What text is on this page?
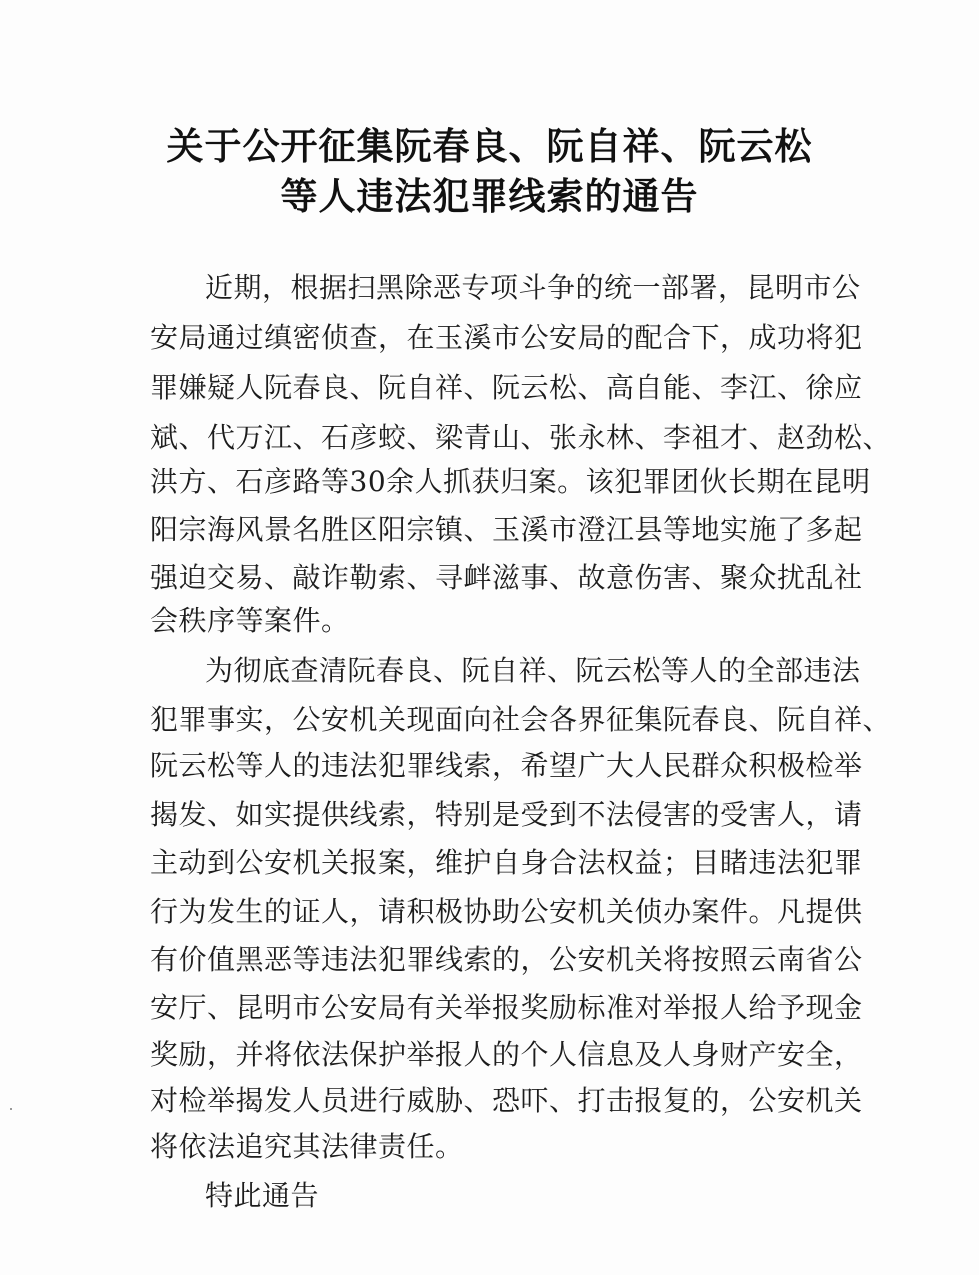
关于公开征集阮春良、阮自祥、阮云松
等人违法犯罪线索的通告
近期，根据扫黑除恶专项斗争的统一部署，昆明市公
安局通过缜密侦查，在玉溪市公安局的配合下，成功将犯
罪嫌疑人阮春良、阮自祥、阮云松、高自能、李江、徐应
斌、代万江、石彦蛟、梁青山、张永林、李祖才、赵劲松、
洪方、石彦路等30余人抓获归案。该犯罪团伙长期在昆明
阳宗海风景名胜区阳宗镇、玉溪市澄江县等地实施了多起
强迫交易、敲诈勒索、寻衅滋事、故意伤害、聚众扰乱社
会秩序等案件。
为彻底查清阮春良、阮自祥、阮云松等人的全部违法
犯罪事实，公安机关现面向社会各界征集阮春良、阮自祥、
阮云松等人的违法犯罪线索，希望广大人民群众积极检举
揭发、如实提供线索，特别是受到不法侵害的受害人，请
主动到公安机关报案，维护自身合法权益；目睹违法犯罪
行为发生的证人，请积极协助公安机关侦办案件。凡提供
有价值黑恶等违法犯罪线索的，公安机关将按照云南省公
安厅、昆明市公安局有关举报奖励标准对举报人给予现金
奖励，并将依法保护举报人的个人信息及人身财产安全，
对检举揭发人员进行威胁、恐吓、打击报复的，公安机关
将依法追究其法律责任。
特此通告
